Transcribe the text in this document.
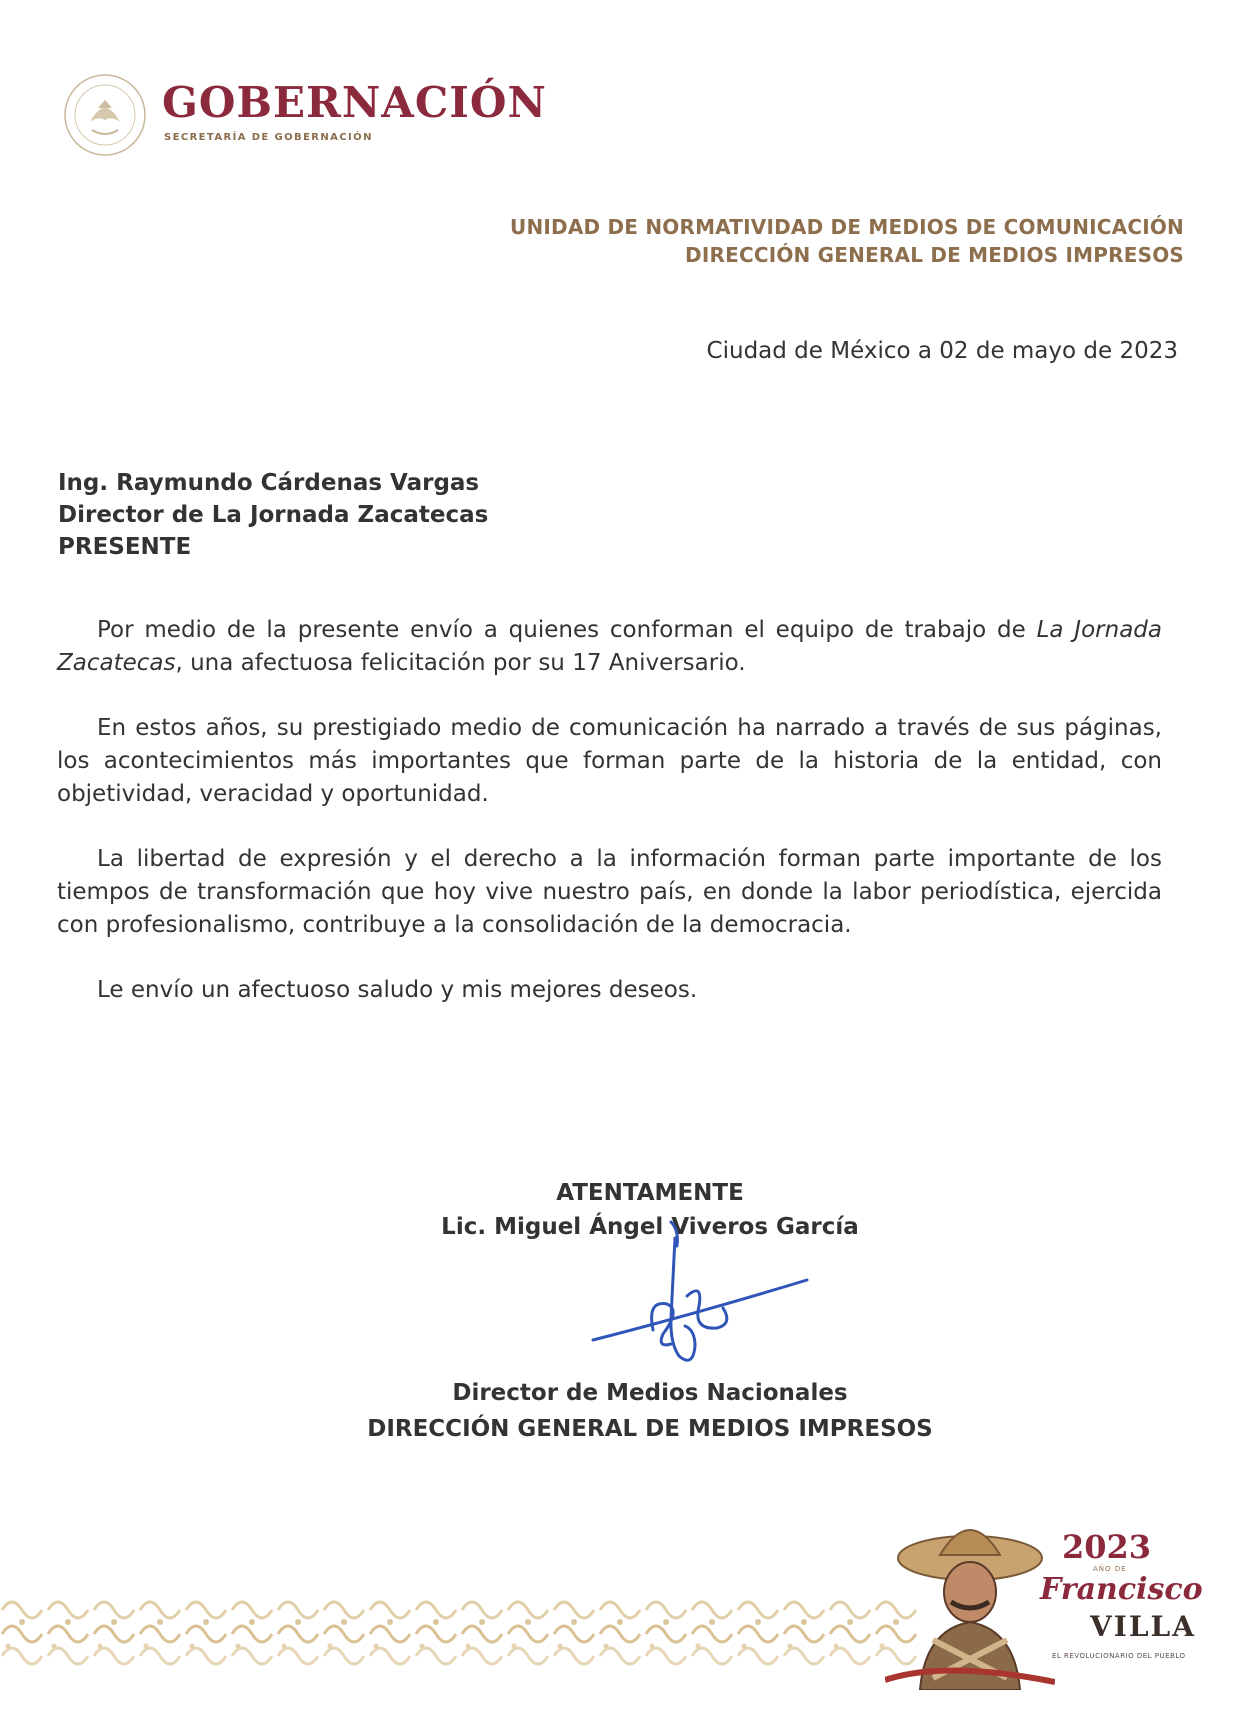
GOBERNACIÓN
SECRETARÍA DE GOBERNACIÓN
UNIDAD DE NORMATIVIDAD DE MEDIOS DE COMUNICACIÓN
DIRECCIÓN GENERAL DE MEDIOS IMPRESOS
Ciudad de México a 02 de mayo de 2023
Ing. Raymundo Cárdenas Vargas
Director de La Jornada Zacatecas
PRESENTE

Por medio de la presente envío a quienes conforman el equipo de trabajo de La Jornada Zacatecas, una afectuosa felicitación por su 17 Aniversario.

En estos años, su prestigiado medio de comunicación ha narrado a través de sus páginas, los acontecimientos más importantes que forman parte de la historia de la entidad, con objetividad, veracidad y oportunidad.

La libertad de expresión y el derecho a la información forman parte importante de los tiempos de transformación que hoy vive nuestro país, en donde la labor periodística, ejercida con profesionalismo, contribuye a la consolidación de la democracia.

Le envío un afectuoso saludo y mis mejores deseos.

ATENTAMENTE
Lic. Miguel Ángel Viveros García
Director de Medios Nacionales
DIRECCIÓN GENERAL DE MEDIOS IMPRESOS
2023
AÑO DE
Francisco
VILLA
EL REVOLUCIONARIO DEL PUEBLO
